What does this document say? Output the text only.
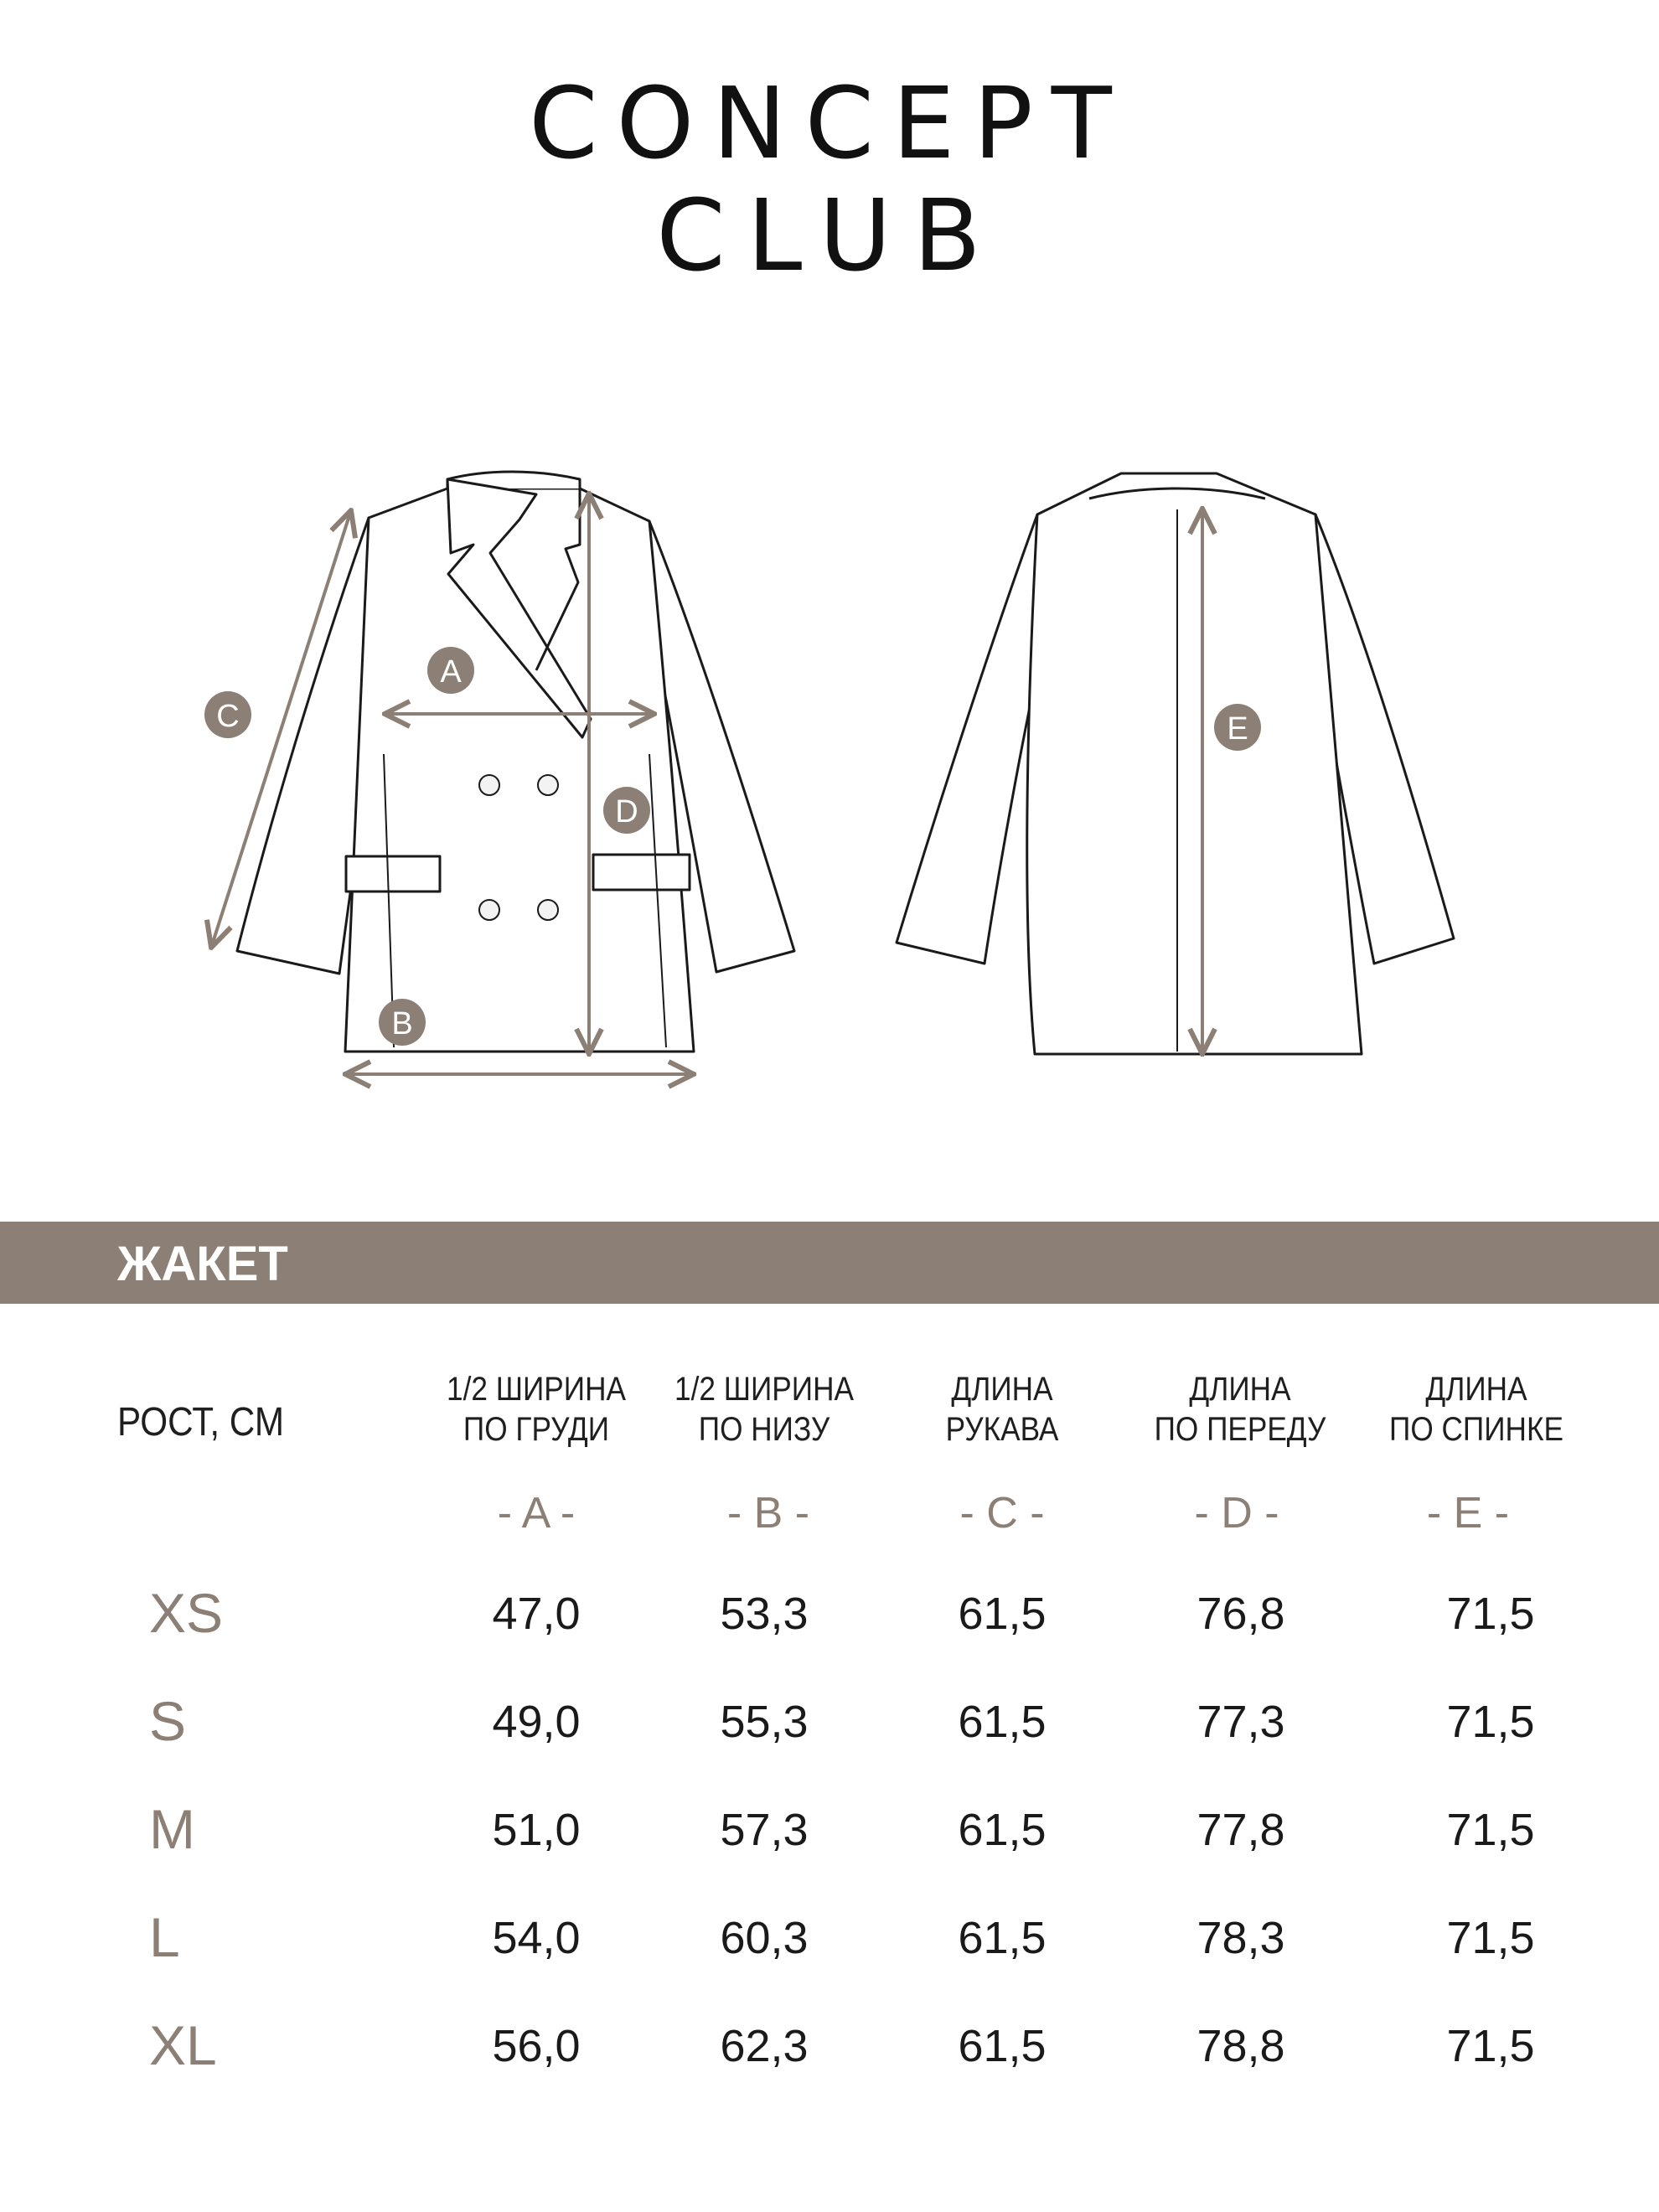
CONCEPT
CLUB
A
B
C
D
E
ЖАКЕТ
РОСТ, СМ
1/2 ШИРИНА
ПО ГРУДИ
1/2 ШИРИНА
ПО НИЗУ
ДЛИНА
РУКАВА
ДЛИНА
ПО ПЕРЕДУ
ДЛИНА
ПО СПИНКЕ
- A -	- B -	- C -	- D -	- E -
XS	47,0	53,3	61,5	76,8	71,5
S	49,0	55,3	61,5	77,3	71,5
M	51,0	57,3	61,5	77,8	71,5
L	54,0	60,3	61,5	78,3	71,5
XL	56,0	62,3	61,5	78,8	71,5
